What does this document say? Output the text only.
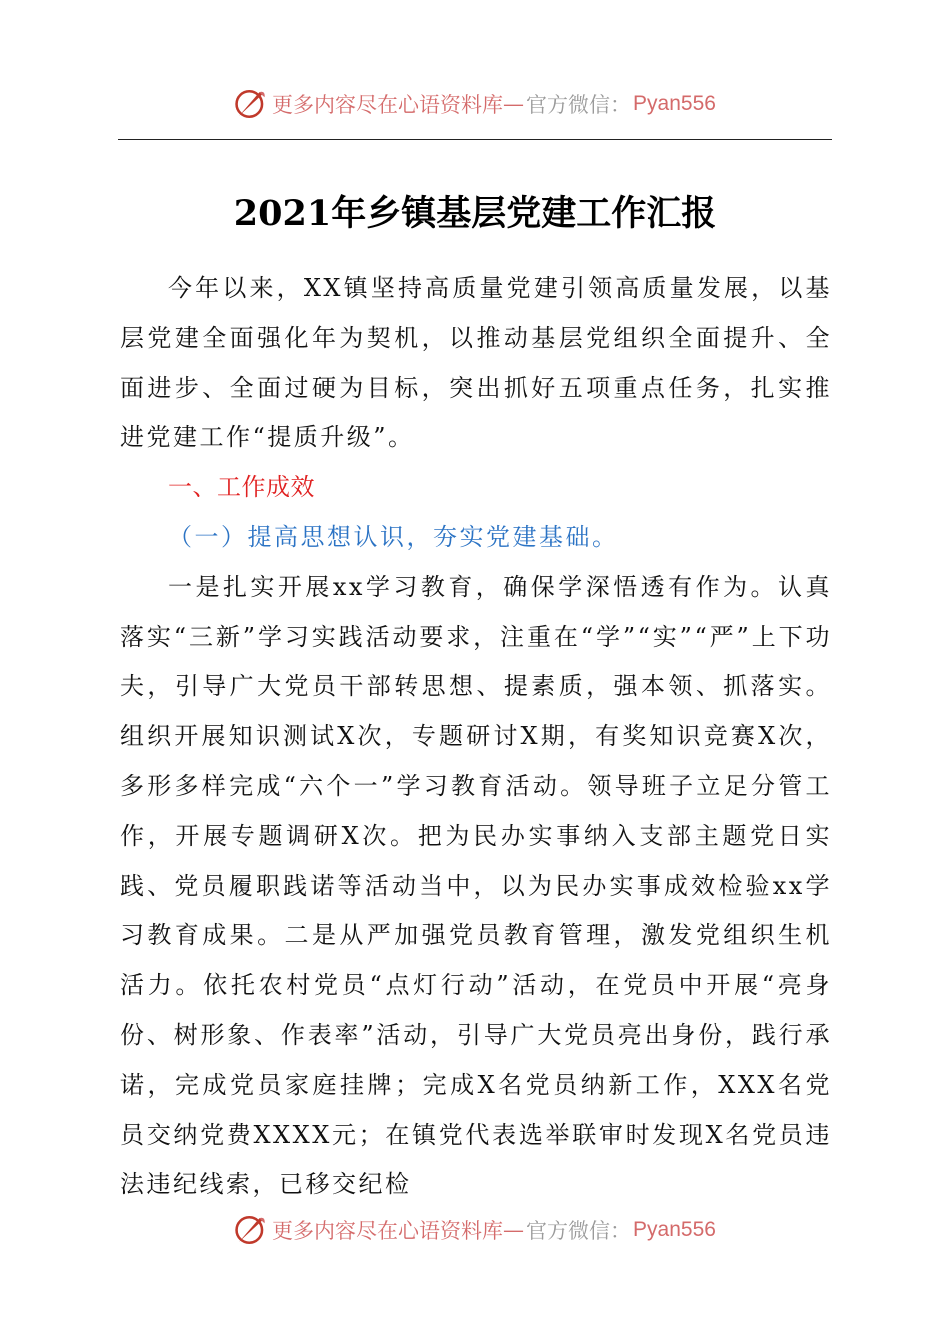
更多内容尽在心语资料库 — 官方微信： Pyan556
2021年乡镇基层党建工作汇报

今年以来，XX镇坚持高质量党建引领高质量发展，以基层党建全面强化年为契机，以推动基层党组织全面提升、全面进步、全面过硬为目标，突出抓好五项重点任务，扎实推进党建工作“提质升级”。

一、工作成效

（一）提高思想认识，夯实党建基础。

一是扎实开展xx学习教育，确保学深悟透有作为。认真落实“三新”学习实践活动要求，注重在“学”“实”“严”上下功夫，引导广大党员干部转思想、提素质，强本领、抓落实。组织开展知识测试X次，专题研讨X期，有奖知识竞赛X次，多形多样完成“六个一”学习教育活动。领导班子立足分管工作，开展专题调研X次。把为民办实事纳入支部主题党日实践、党员履职践诺等活动当中，以为民办实事成效检验xx学习教育成果。二是从严加强党员教育管理，激发党组织生机活力。依托农村党员“点灯行动”活动，在党员中开展“亮身份、树形象、作表率”活动，引导广大党员亮出身份，践行承诺，完成党员家庭挂牌；完成X名党员纳新工作，XXX名党员交纳党费XXXX元；在镇党代表选举联审时发现X名党员违法违纪线索，已移交纪检

更多内容尽在心语资料库 — 官方微信： Pyan556
